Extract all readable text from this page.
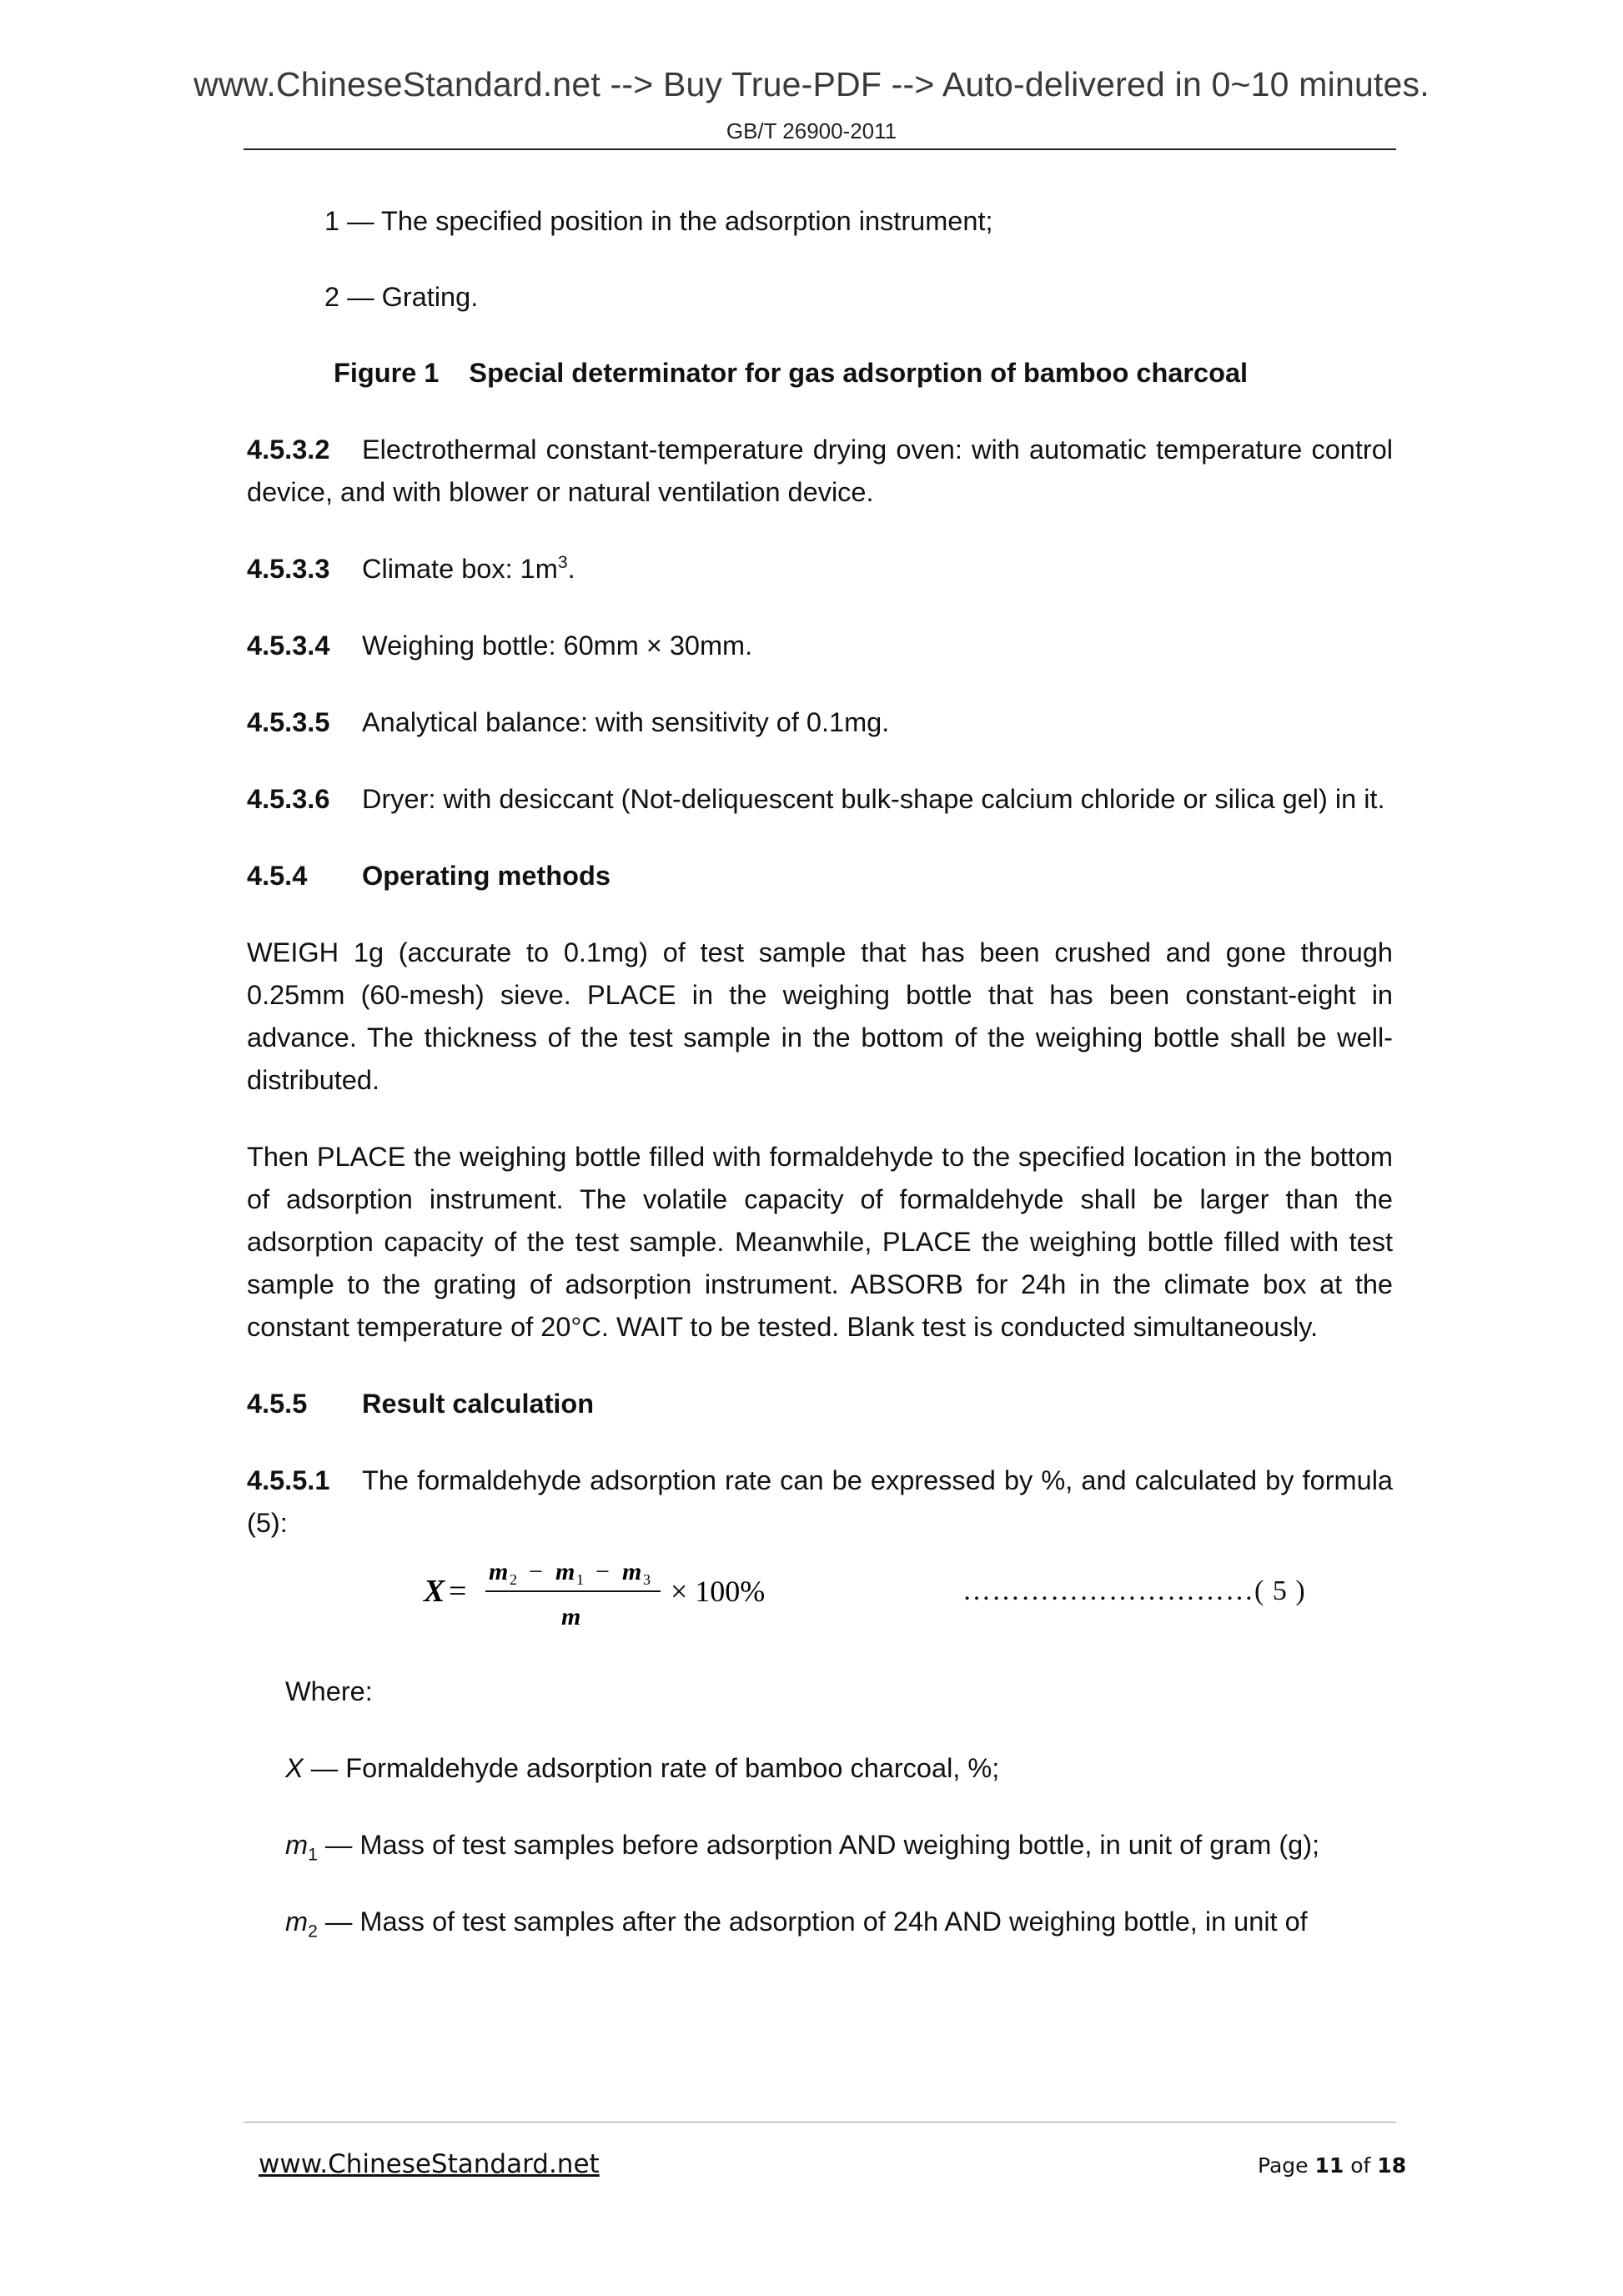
www.ChineseStandard.net --> Buy True-PDF --> Auto-delivered in 0~10 minutes.
GB/T 26900-2011

1 — The specified position in the adsorption instrument;

2 — Grating.

Figure 1 Special determinator for gas adsorption of bamboo charcoal

4.5.3.2 Electrothermal constant-temperature drying oven: with automatic temperature control device, and with blower or natural ventilation device.

4.5.3.3 Climate box: $1m^3$.

4.5.3.4 Weighing bottle: 60mm × 30mm.

4.5.3.5 Analytical balance: with sensitivity of 0.1mg.

4.5.3.6 Dryer: with desiccant (Not-deliquescent bulk-shape calcium chloride or silica gel) in it.

4.5.4 Operating methods

WEIGH 1g (accurate to 0.1mg) of test sample that has been crushed and gone through 0.25mm (60-mesh) sieve. PLACE in the weighing bottle that has been constant-eight in advance. The thickness of the test sample in the bottom of the weighing bottle shall be well-distributed.

Then PLACE the weighing bottle filled with formaldehyde to the specified location in the bottom of adsorption instrument. The volatile capacity of formaldehyde shall be larger than the adsorption capacity of the test sample. Meanwhile, PLACE the weighing bottle filled with test sample to the grating of adsorption instrument. ABSORB for 24h in the climate box at the constant temperature of 20°C. WAIT to be tested. Blank test is conducted simultaneously.

4.5.5 Result calculation

4.5.5.1 The formaldehyde adsorption rate can be expressed by %, and calculated by formula (5):

X =
m 2 − m 1 − m 3
m
× 100%	…………………………( 5 )

Where:

X — Formaldehyde adsorption rate of bamboo charcoal, %;

$m_1$ — Mass of test samples before adsorption AND weighing bottle, in unit of gram (g);

$m_2$ — Mass of test samples after the adsorption of 24h AND weighing bottle, in unit of

www.ChineseStandard.net	Page 11 of 18
